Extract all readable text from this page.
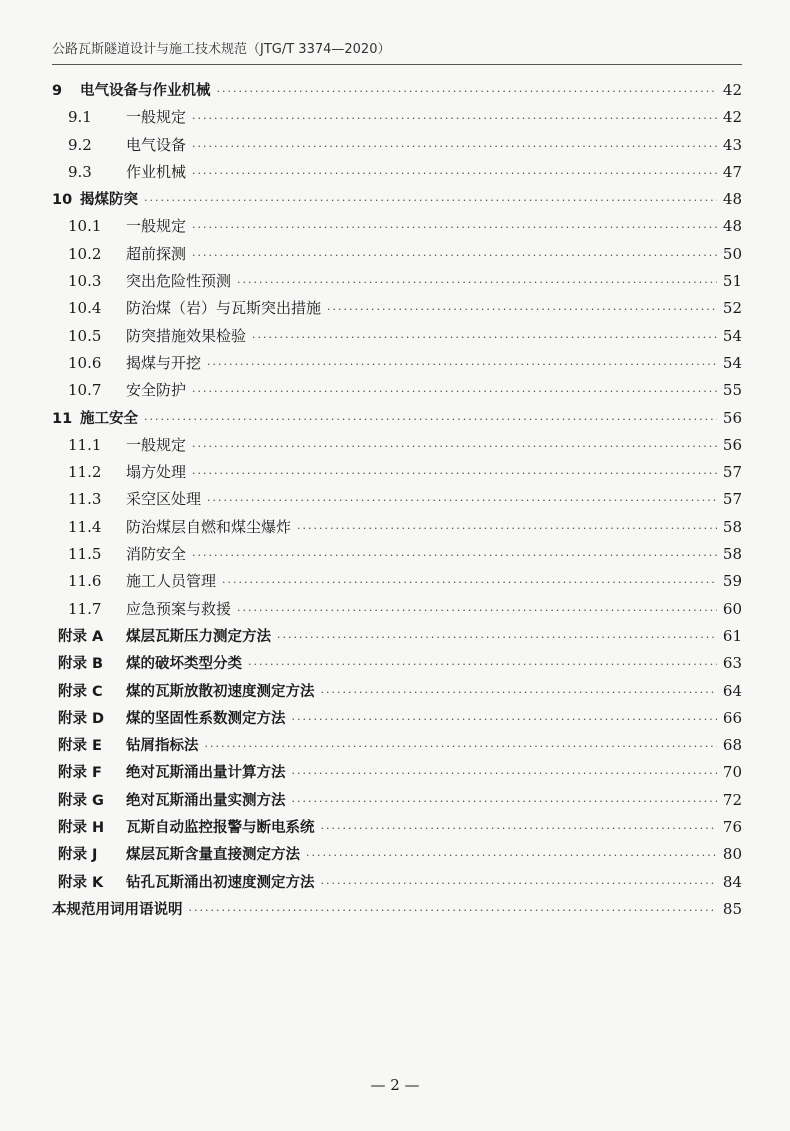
公路瓦斯隧道设计与施工技术规范（JTG/T 3374—2020）
9	电气设备与作业机械 ·····	42
9.1	一般规定 ·····	42
9.2	电气设备 ·····	43
9.3	作业机械 ·····	47
10 揭煤防突 ·····	48
10.1	一般规定 ·····	48
10.2	超前探测 ·····	50
10.3	突出危险性预测 ·····	51
10.4	防治煤（岩）与瓦斯突出措施 ·····	52
10.5	防突措施效果检验 ·····	54
10.6	揭煤与开挖 ·····	54
10.7	安全防护 ·····	55
11 施工安全 ·····	56
11.1	一般规定 ·····	56
11.2	塌方处理 ·····	57
11.3	采空区处理 ·····	57
11.4	防治煤层自燃和煤尘爆炸 ·····	58
11.5	消防安全 ·····	58
11.6	施工人员管理 ·····	59
11.7	应急预案与救援 ·····	60
附录 A	煤层瓦斯压力测定方法 ·····	61
附录 B	煤的破坏类型分类 ·····	63
附录 C	煤的瓦斯放散初速度测定方法 ·····	64
附录 D	煤的坚固性系数测定方法 ·····	66
附录 E	钻屑指标法 ·····	68
附录 F	绝对瓦斯涌出量计算方法 ·····	70
附录 G	绝对瓦斯涌出量实测方法 ·····	72
附录 H	瓦斯自动监控报警与断电系统 ·····	76
附录 J	煤层瓦斯含量直接测定方法 ·····	80
附录 K	钻孔瓦斯涌出初速度测定方法 ·····	84
本规范用词用语说明 ·····	85
— 2 —
